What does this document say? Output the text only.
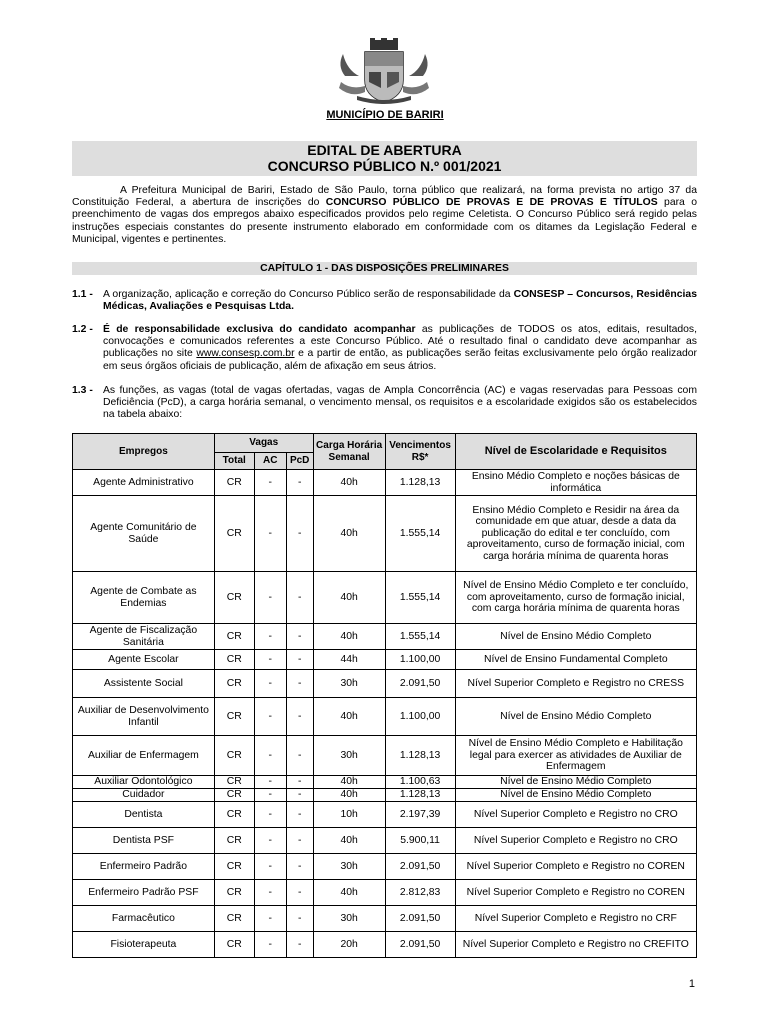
MUNICÍPIO DE BARIRI
EDITAL DE ABERTURA
CONCURSO PÚBLICO N.º 001/2021
A Prefeitura Municipal de Bariri, Estado de São Paulo, torna público que realizará, na forma prevista no artigo 37 da Constituição Federal, a abertura de inscrições do CONCURSO PÚBLICO DE PROVAS E DE PROVAS E TÍTULOS para o preenchimento de vagas dos empregos abaixo especificados providos pelo regime Celetista. O Concurso Público será regido pelas instruções especiais constantes do presente instrumento elaborado em conformidade com os ditames da Legislação Federal e Municipal, vigentes e pertinentes.
CAPÍTULO 1 - DAS DISPOSIÇÕES PRELIMINARES
1.1 - A organização, aplicação e correção do Concurso Público serão de responsabilidade da CONSESP – Concursos, Residências Médicas, Avaliações e Pesquisas Ltda.
1.2 - É de responsabilidade exclusiva do candidato acompanhar as publicações de TODOS os atos, editais, resultados, convocações e comunicados referentes a este Concurso Público. Até o resultado final o candidato deve acompanhar as publicações no site www.consesp.com.br e a partir de então, as publicações serão feitas exclusivamente pelo órgão realizador em seus órgãos oficiais de publicação, além de afixação em seus átrios.
1.3 - As funções, as vagas (total de vagas ofertadas, vagas de Ampla Concorrência (AC) e vagas reservadas para Pessoas com Deficiência (PcD), a carga horária semanal, o vencimento mensal, os requisitos e a escolaridade exigidos são os estabelecidos na tabela abaixo:
Empregos	Vagas			Carga Horária Semanal	Vencimentos R$*	Nível de Escolaridade e Requisitos
	Total	AC	PcD			
Agente Administrativo	CR	-	-	40h	1.128,13	Ensino Médio Completo e noções básicas de informática
Agente Comunitário de Saúde	CR	-	-	40h	1.555,14	Ensino Médio Completo e Residir na área da comunidade em que atuar, desde a data da publicação do edital e ter concluído, com aproveitamento, curso de formação inicial, com carga horária mínima de quarenta horas
Agente de Combate as Endemias	CR	-	-	40h	1.555,14	Nível de Ensino Médio Completo e ter concluído, com aproveitamento, curso de formação inicial, com carga horária mínima de quarenta horas
Agente de Fiscalização Sanitária	CR	-	-	40h	1.555,14	Nível de Ensino Médio Completo
Agente Escolar	CR	-	-	44h	1.100,00	Nível de Ensino Fundamental Completo
Assistente Social	CR	-	-	30h	2.091,50	Nível Superior Completo e Registro no CRESS
Auxiliar de Desenvolvimento Infantil	CR	-	-	40h	1.100,00	Nível de Ensino Médio Completo
Auxiliar de Enfermagem	CR	-	-	30h	1.128,13	Nível de Ensino Médio Completo e Habilitação legal para exercer as atividades de Auxiliar de Enfermagem
Auxiliar Odontológico	CR	-	-	40h	1.100,63	Nível de Ensino Médio Completo
Cuidador	CR	-	-	40h	1.128,13	Nível de Ensino Médio Completo
Dentista	CR	-	-	10h	2.197,39	Nível Superior Completo e Registro no CRO
Dentista PSF	CR	-	-	40h	5.900,11	Nível Superior Completo e Registro no CRO
Enfermeiro Padrão	CR	-	-	30h	2.091,50	Nível Superior Completo e Registro no COREN
Enfermeiro Padrão PSF	CR	-	-	40h	2.812,83	Nível Superior Completo e Registro no COREN
Farmacêutico	CR	-	-	30h	2.091,50	Nível Superior Completo e Registro no CRF
Fisioterapeuta	CR	-	-	20h	2.091,50	Nível Superior Completo e Registro no CREFITO
1
